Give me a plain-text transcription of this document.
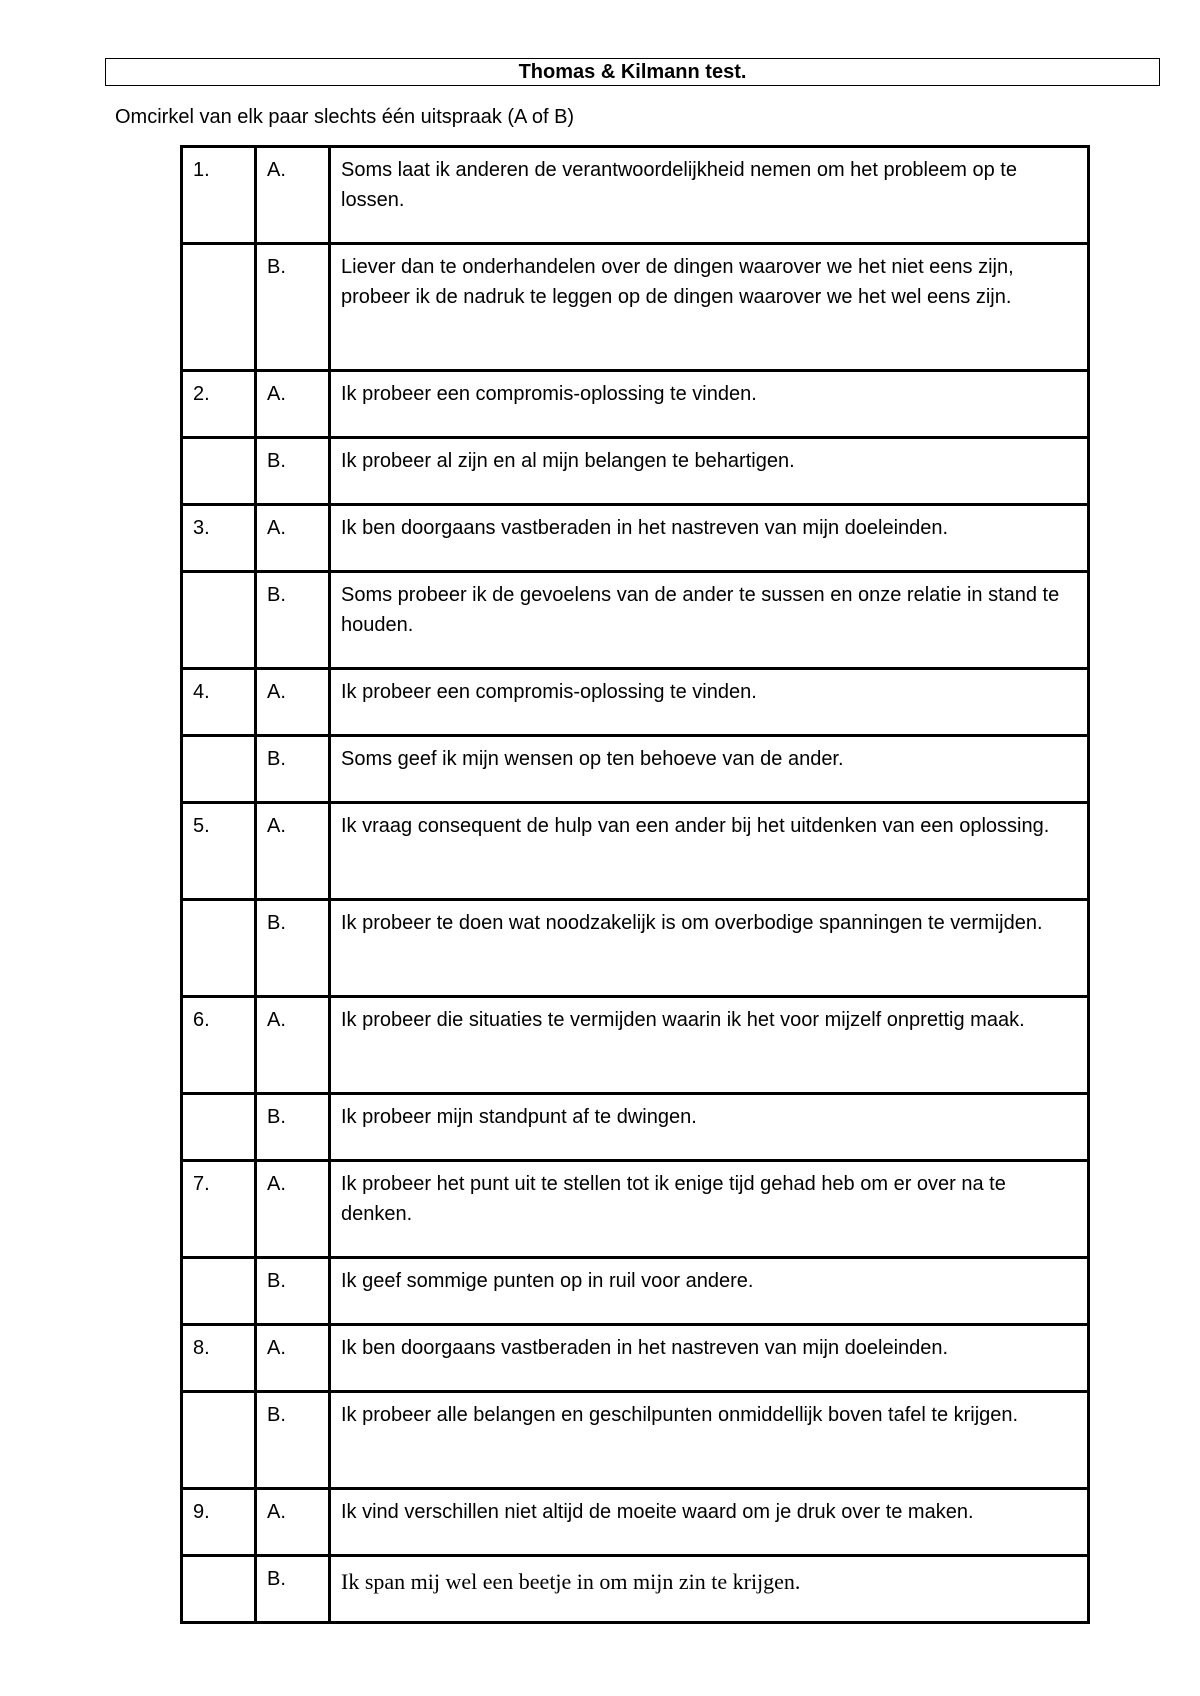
Thomas & Kilmann test.
Omcirkel van elk paar slechts één uitspraak (A of B)
1.	A.	Soms laat ik anderen de verantwoordelijkheid nemen om het probleem op te lossen.
	B.	Liever dan te onderhandelen over de dingen waarover we het niet eens zijn, probeer ik de nadruk te leggen op de dingen waarover we het wel eens zijn.
2.	A.	Ik probeer een compromis-oplossing te vinden.
	B.	Ik probeer al zijn en al mijn belangen te behartigen.
3.	A.	Ik ben doorgaans vastberaden in het nastreven van mijn doeleinden.
	B.	Soms probeer ik de gevoelens van de ander te sussen en onze relatie in stand te houden.
4.	A.	Ik probeer een compromis-oplossing te vinden.
	B.	Soms geef ik mijn wensen op ten behoeve van de ander.
5.	A.	Ik vraag consequent de hulp van een ander bij het uitdenken van een oplossing.
	B.	Ik probeer te doen wat noodzakelijk is om overbodige spanningen te vermijden.
6.	A.	Ik probeer die situaties te vermijden waarin ik het voor mijzelf onprettig maak.
	B.	Ik probeer mijn standpunt af te dwingen.
7.	A.	Ik probeer het punt uit te stellen tot ik enige tijd gehad heb om er over na te denken.
	B.	Ik geef sommige punten op in ruil voor andere.
8.	A.	Ik ben doorgaans vastberaden in het nastreven van mijn doeleinden.
	B.	Ik probeer alle belangen en geschilpunten onmiddellijk boven tafel te krijgen.
9.	A.	Ik vind verschillen niet altijd de moeite waard om je druk over te maken.
	B.	Ik span mij wel een beetje in om mijn zin te krijgen.
